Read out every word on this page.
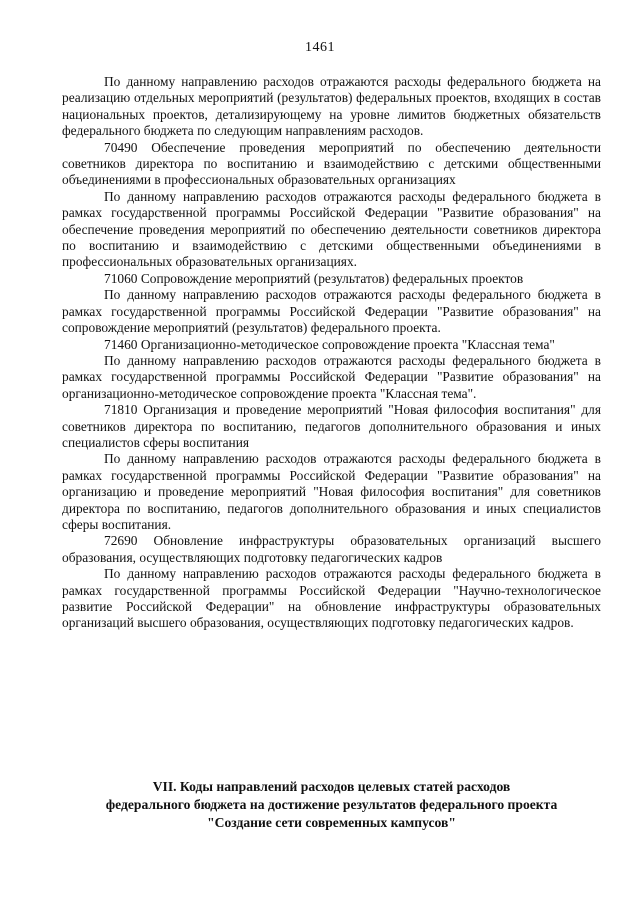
1461

По данному направлению расходов отражаются расходы федерального бюджета на реализацию отдельных мероприятий (результатов) федеральных проектов, входящих в состав национальных проектов, детализирующему на уровне лимитов бюджетных обязательств федерального бюджета по следующим направлениям расходов.

70490 Обеспечение проведения мероприятий по обеспечению деятельности советников директора по воспитанию и взаимодействию с детскими общественными объединениями в профессиональных образовательных организациях

По данному направлению расходов отражаются расходы федерального бюджета в рамках государственной программы Российской Федерации "Развитие образования" на обеспечение проведения мероприятий по обеспечению деятельности советников директора по воспитанию и взаимодействию с детскими общественными объединениями в профессиональных образовательных организациях.

71060 Сопровождение мероприятий (результатов) федеральных проектов

По данному направлению расходов отражаются расходы федерального бюджета в рамках государственной программы Российской Федерации "Развитие образования" на сопровождение мероприятий (результатов) федерального проекта.

71460 Организационно-методическое сопровождение проекта "Классная тема"

По данному направлению расходов отражаются расходы федерального бюджета в рамках государственной программы Российской Федерации "Развитие образования" на организационно-методическое сопровождение проекта "Классная тема".

71810 Организация и проведение мероприятий "Новая философия воспитания" для советников директора по воспитанию, педагогов дополнительного образования и иных специалистов сферы воспитания

По данному направлению расходов отражаются расходы федерального бюджета в рамках государственной программы Российской Федерации "Развитие образования" на организацию и проведение мероприятий "Новая философия воспитания" для советников директора по воспитанию, педагогов дополнительного образования и иных специалистов сферы воспитания.

72690 Обновление инфраструктуры образовательных организаций высшего образования, осуществляющих подготовку педагогических кадров

По данному направлению расходов отражаются расходы федерального бюджета в рамках государственной программы Российской Федерации "Научно-технологическое развитие Российской Федерации" на обновление инфраструктуры образовательных организаций высшего образования, осуществляющих подготовку педагогических кадров.

VII. Коды направлений расходов целевых статей расходов
федерального бюджета на достижение результатов федерального проекта
"Создание сети современных кампусов"
